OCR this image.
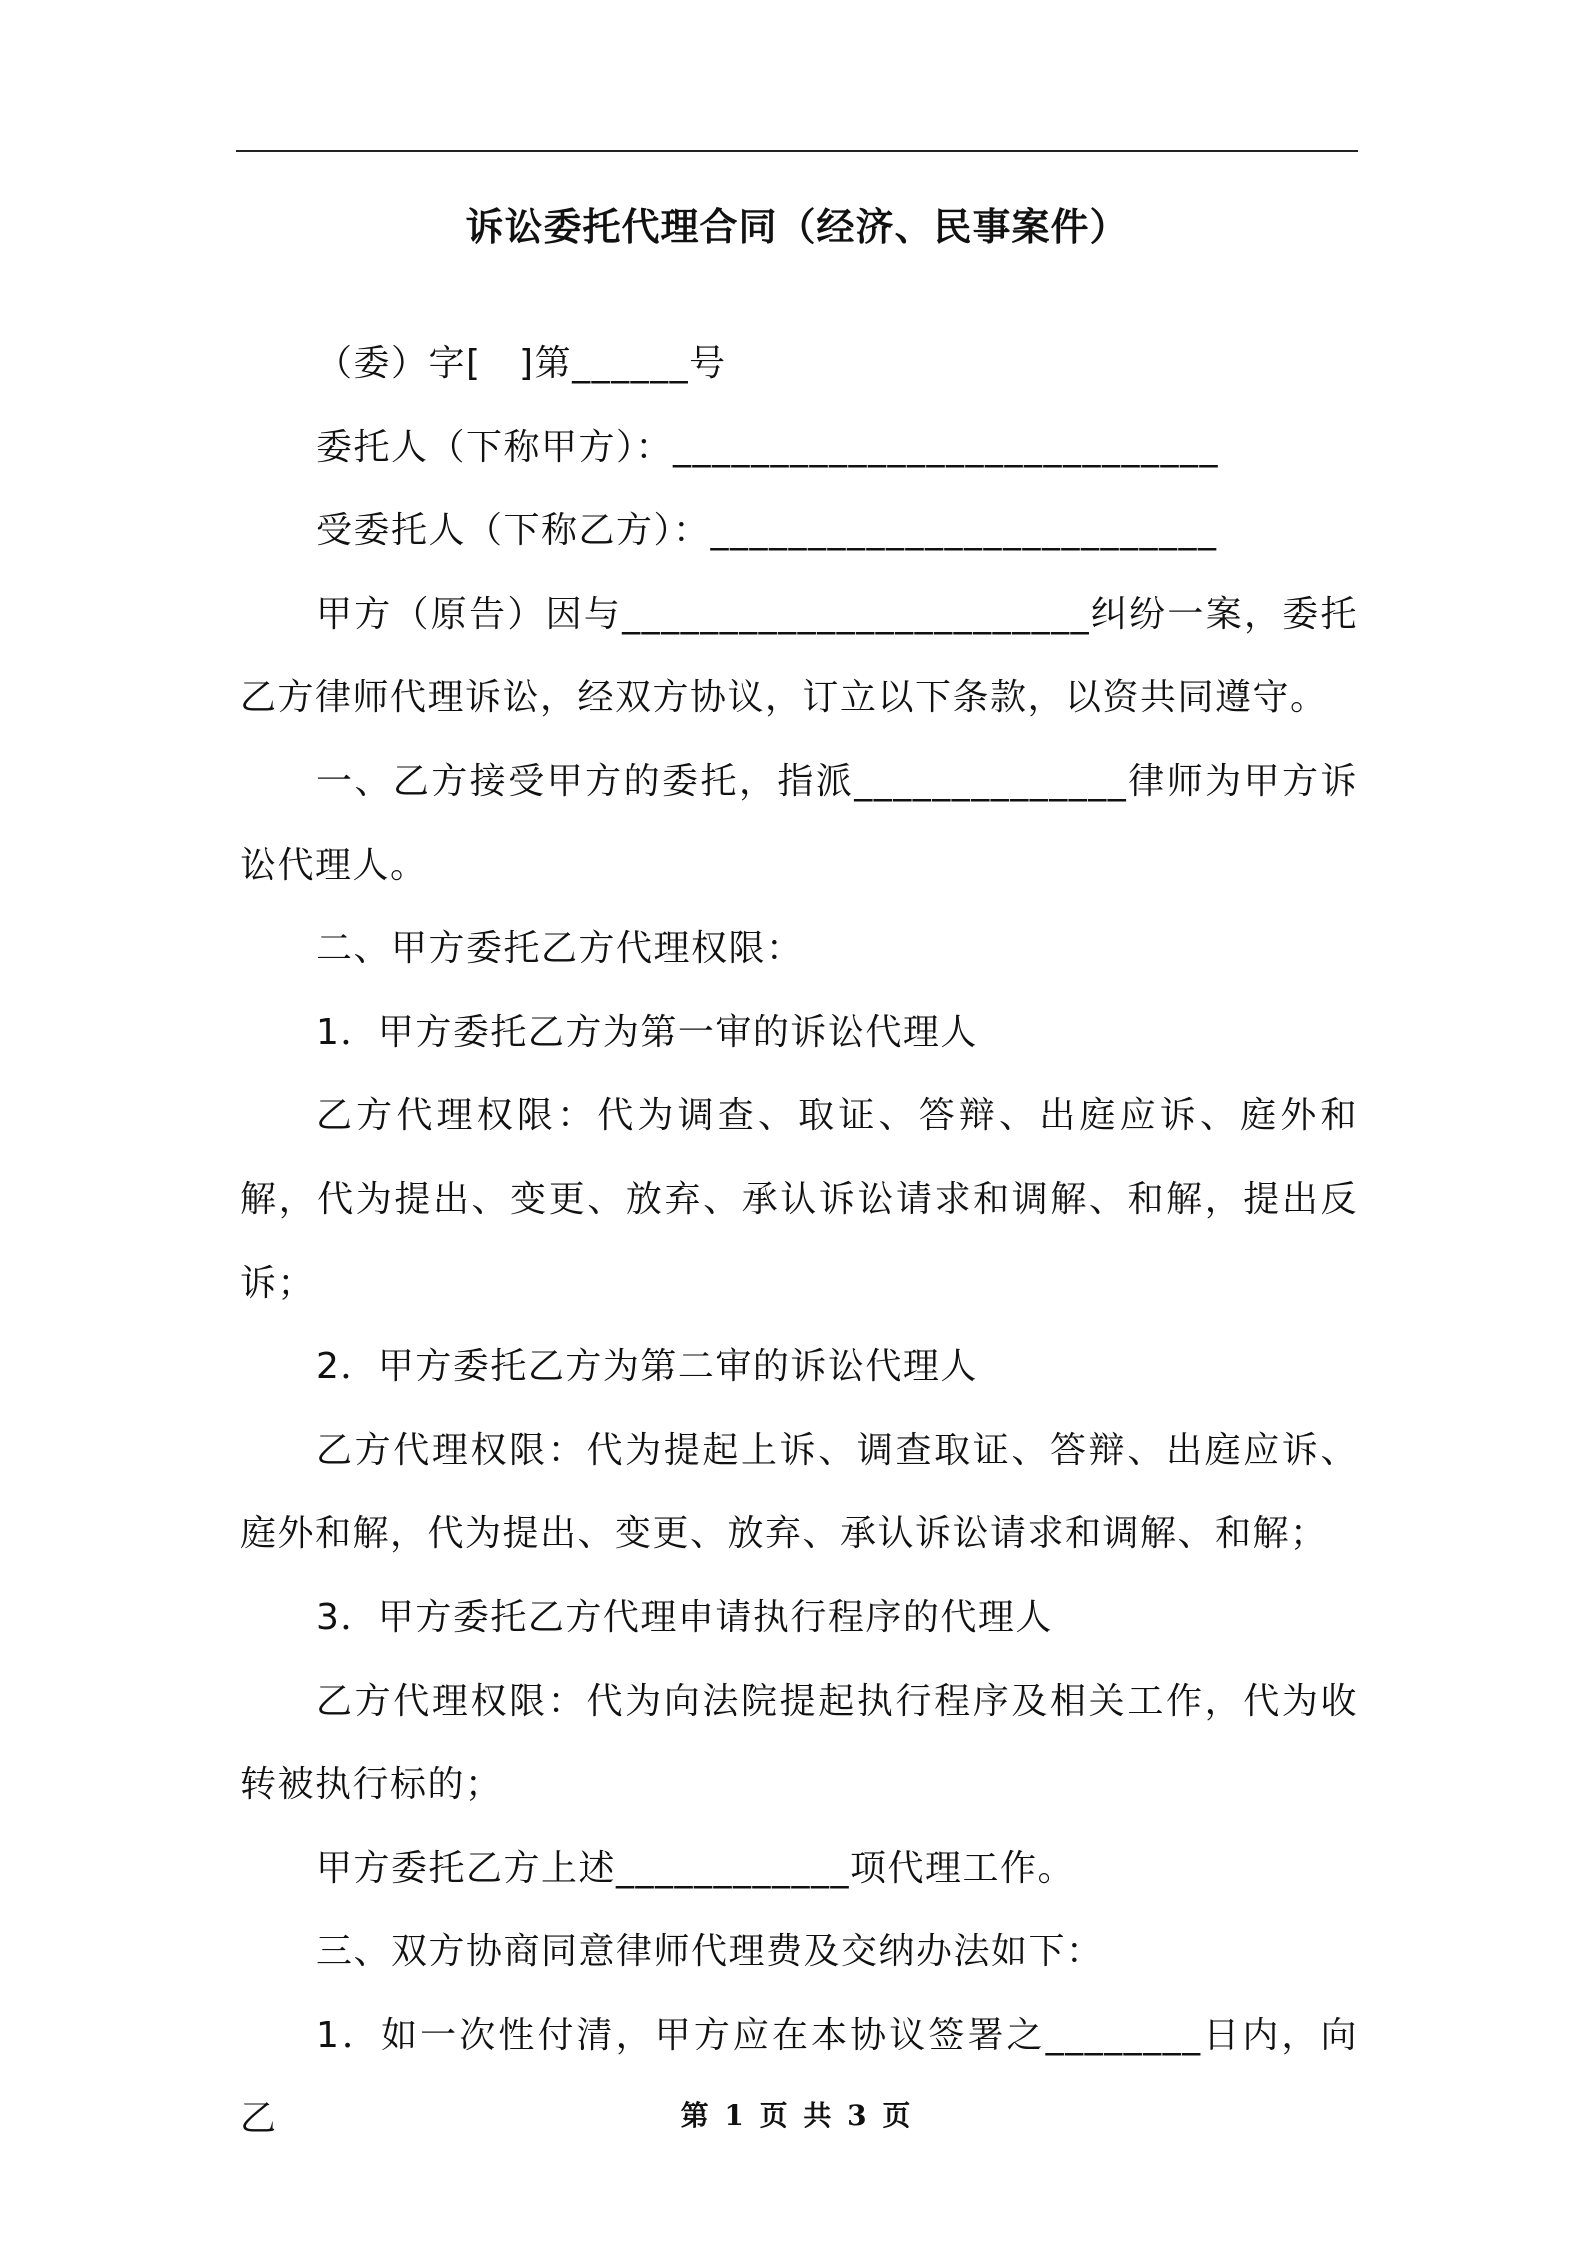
诉讼委托代理合同（经济、民事案件）

（委）字[　]第______号

委托人（下称甲方）：____________________________

受委托人（下称乙方）：__________________________

甲方（原告）因与________________________纠纷一案，委托乙方律师代理诉讼，经双方协议，订立以下条款，以资共同遵守。

一、乙方接受甲方的委托，指派______________律师为甲方诉讼代理人。

二、甲方委托乙方代理权限：

1．甲方委托乙方为第一审的诉讼代理人

乙方代理权限：代为调查、取证、答辩、出庭应诉、庭外和解，代为提出、变更、放弃、承认诉讼请求和调解、和解，提出反诉；

2．甲方委托乙方为第二审的诉讼代理人

乙方代理权限：代为提起上诉、调查取证、答辩、出庭应诉、庭外和解，代为提出、变更、放弃、承认诉讼请求和调解、和解；

3．甲方委托乙方代理申请执行程序的代理人

乙方代理权限：代为向法院提起执行程序及相关工作，代为收转被执行标的；

甲方委托乙方上述____________项代理工作。

三、双方协商同意律师代理费及交纳办法如下：

1．如一次性付清，甲方应在本协议签署之________日内，向乙	第 1 页 共 3 页
